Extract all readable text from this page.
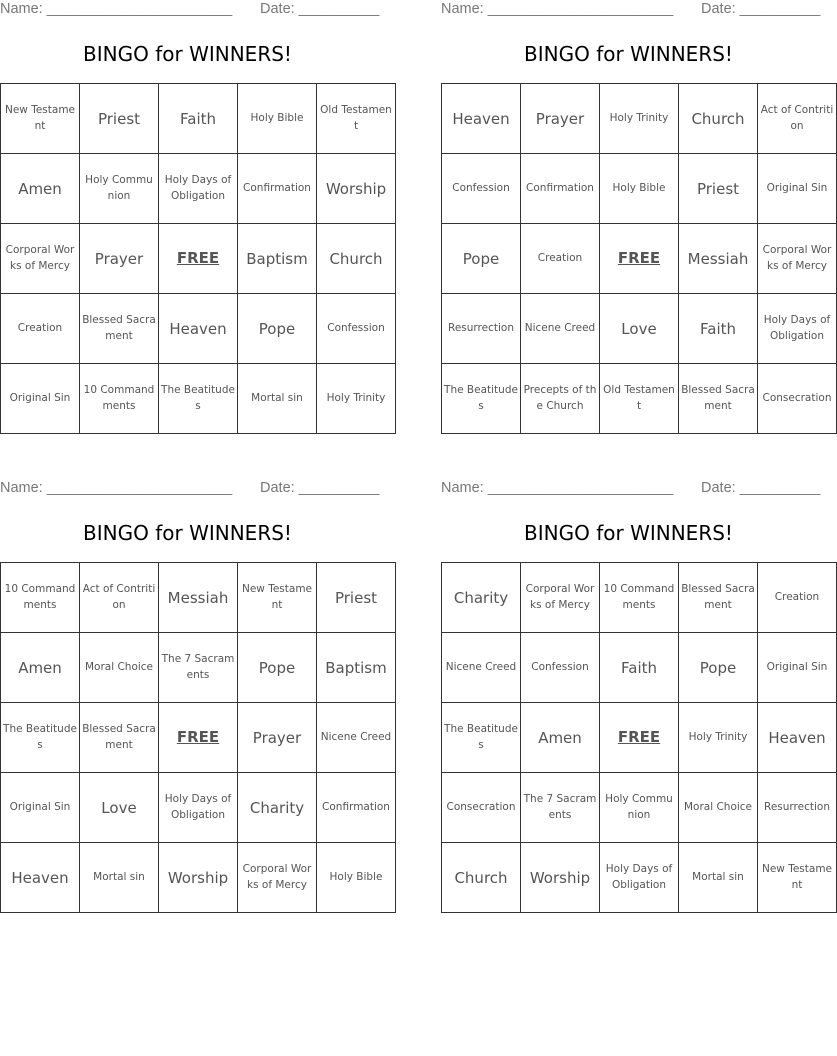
Name: _______________________ Date: __________
BINGO for WINNERS!
New Testament	Priest	Faith	Holy Bible	Old Testament
Amen	Holy Communion	Holy Days of Obligation	Confirmation	Worship
Corporal Works of Mercy	Prayer	FREE	Baptism	Church
Creation	Blessed Sacrament	Heaven	Pope	Confession
Original Sin	10 Commandments	The Beatitudes	Mortal sin	Holy Trinity
Name: _______________________ Date: __________
BINGO for WINNERS!
Heaven	Prayer	Holy Trinity	Church	Act of Contrition
Confession	Confirmation	Holy Bible	Priest	Original Sin
Pope	Creation	FREE	Messiah	Corporal Works of Mercy
Resurrection	Nicene Creed	Love	Faith	Holy Days of Obligation
The Beatitudes	Precepts of the Church	Old Testament	Blessed Sacrament	Consecration
Name: _______________________ Date: __________
BINGO for WINNERS!
10 Commandments	Act of Contrition	Messiah	New Testament	Priest
Amen	Moral Choice	The 7 Sacraments	Pope	Baptism
The Beatitudes	Blessed Sacrament	FREE	Prayer	Nicene Creed
Original Sin	Love	Holy Days of Obligation	Charity	Confirmation
Heaven	Mortal sin	Worship	Corporal Works of Mercy	Holy Bible
Name: _______________________ Date: __________
BINGO for WINNERS!
Charity	Corporal Works of Mercy	10 Commandments	Blessed Sacrament	Creation
Nicene Creed	Confession	Faith	Pope	Original Sin
The Beatitudes	Amen	FREE	Holy Trinity	Heaven
Consecration	The 7 Sacraments	Holy Communion	Moral Choice	Resurrection
Church	Worship	Holy Days of Obligation	Mortal sin	New Testament
